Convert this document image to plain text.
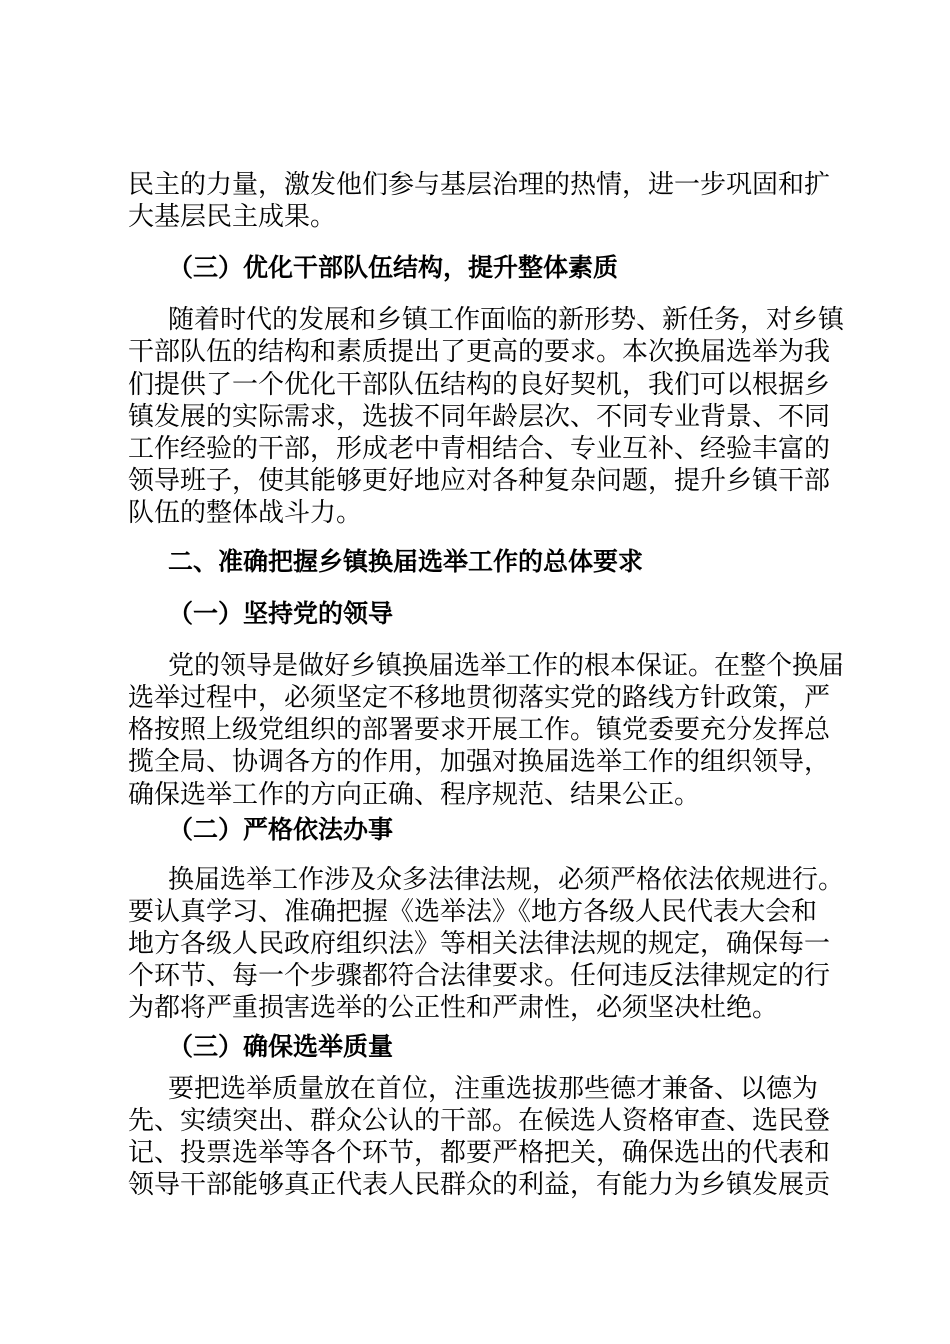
民主的力量，激发他们参与基层治理的热情，进一步巩固和扩
大基层民主成果。
（三）优化干部队伍结构，提升整体素质
随着时代的发展和乡镇工作面临的新形势、新任务，对乡镇
干部队伍的结构和素质提出了更高的要求。本次换届选举为我
们提供了一个优化干部队伍结构的良好契机，我们可以根据乡
镇发展的实际需求，选拔不同年龄层次、不同专业背景、不同
工作经验的干部，形成老中青相结合、专业互补、经验丰富的
领导班子，使其能够更好地应对各种复杂问题，提升乡镇干部
队伍的整体战斗力。
二、准确把握乡镇换届选举工作的总体要求
（一）坚持党的领导
党的领导是做好乡镇换届选举工作的根本保证。在整个换届
选举过程中，必须坚定不移地贯彻落实党的路线方针政策，严
格按照上级党组织的部署要求开展工作。镇党委要充分发挥总
揽全局、协调各方的作用，加强对换届选举工作的组织领导，
确保选举工作的方向正确、程序规范、结果公正。
（二）严格依法办事
换届选举工作涉及众多法律法规，必须严格依法依规进行。
要认真学习、准确把握《选举法》《地方各级人民代表大会和
地方各级人民政府组织法》等相关法律法规的规定，确保每一
个环节、每一个步骤都符合法律要求。任何违反法律规定的行
为都将严重损害选举的公正性和严肃性，必须坚决杜绝。
（三）确保选举质量
要把选举质量放在首位，注重选拔那些德才兼备、以德为
先、实绩突出、群众公认的干部。在候选人资格审查、选民登
记、投票选举等各个环节，都要严格把关，确保选出的代表和
领导干部能够真正代表人民群众的利益，有能力为乡镇发展贡
